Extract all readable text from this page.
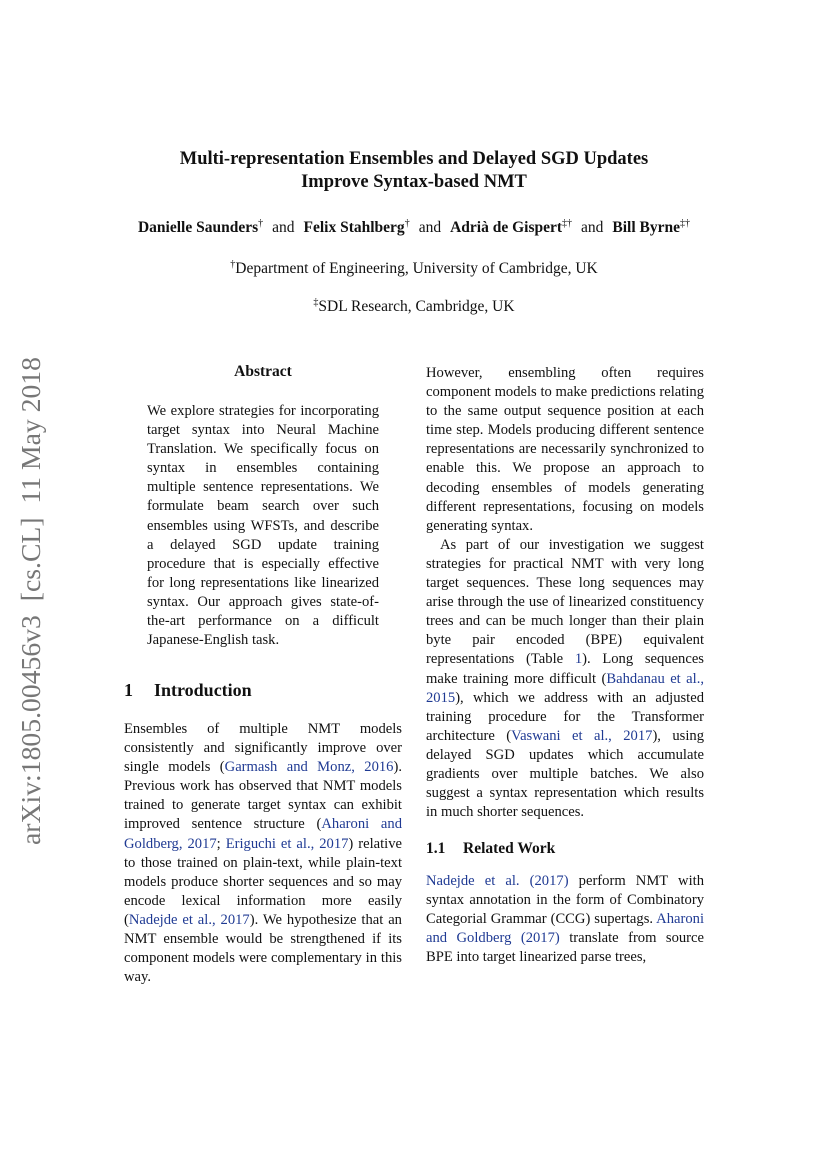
arXiv:1805.00456v3  [cs.CL]  11 May 2018
Multi-representation Ensembles and Delayed SGD Updates
Improve Syntax-based NMT
Danielle Saunders† and Felix Stahlberg† and Adrià de Gispert‡† and Bill Byrne‡†
†Department of Engineering, University of Cambridge, UK
‡SDL Research, Cambridge, UK
Abstract

We explore strategies for incorporating target syntax into Neural Machine Translation. We specifically focus on syntax in ensembles containing multiple sentence representations. We formulate beam search over such ensembles using WFSTs, and describe a delayed SGD update training procedure that is especially effective for long representations like linearized syntax. Our approach gives state-of-the-art performance on a difficult Japanese-English task.

1 Introduction

Ensembles of multiple NMT models consistently and significantly improve over single models (Garmash and Monz, 2016). Previous work has observed that NMT models trained to generate target syntax can exhibit improved sentence structure (Aharoni and Goldberg, 2017; Eriguchi et al., 2017) relative to those trained on plain-text, while plain-text models produce shorter sequences and so may encode lexical information more easily (Nadejde et al., 2017). We hypothesize that an NMT ensemble would be strengthened if its component models were complementary in this way.

However, ensembling often requires component models to make predictions relating to the same output sequence position at each time step. Models producing different sentence representations are necessarily synchronized to enable this. We propose an approach to decoding ensembles of models generating different representations, focusing on models generating syntax.

As part of our investigation we suggest strategies for practical NMT with very long target sequences. These long sequences may arise through the use of linearized constituency trees and can be much longer than their plain byte pair encoded (BPE) equivalent representations (Table 1). Long sequences make training more difficult (Bahdanau et al., 2015), which we address with an adjusted training procedure for the Transformer architecture (Vaswani et al., 2017), using delayed SGD updates which accumulate gradients over multiple batches. We also suggest a syntax representation which results in much shorter sequences.

1.1 Related Work

Nadejde et al. (2017) perform NMT with syntax annotation in the form of Combinatory Categorial Grammar (CCG) supertags. Aharoni and Goldberg (2017) translate from source BPE into target linearized parse trees,
